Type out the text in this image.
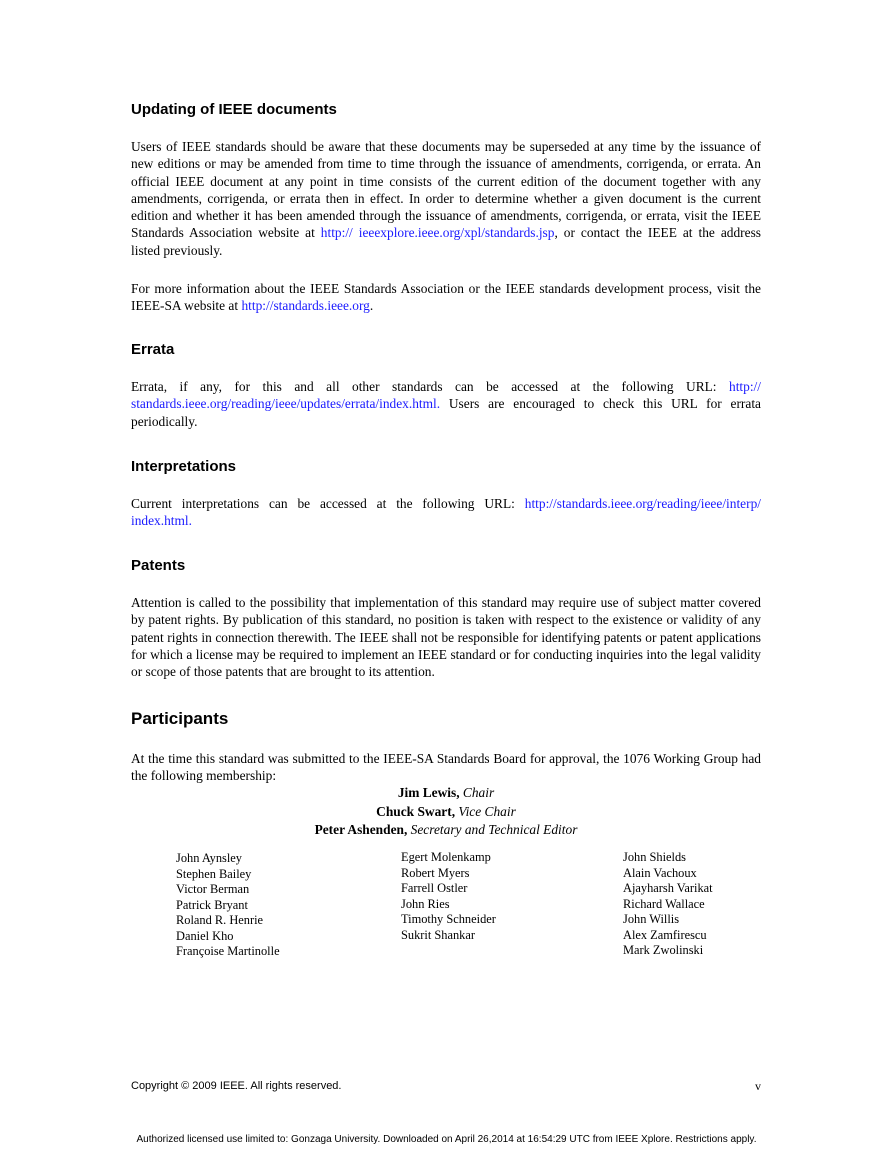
Updating of IEEE documents

Users of IEEE standards should be aware that these documents may be superseded at any time by the issuance of new editions or may be amended from time to time through the issuance of amendments, corrigenda, or errata. An official IEEE document at any point in time consists of the current edition of the document together with any amendments, corrigenda, or errata then in effect. In order to determine whether a given document is the current edition and whether it has been amended through the issuance of amendments, corrigenda, or errata, visit the IEEE Standards Association website at http:// ieeexplore.ieee.org/xpl/standards.jsp, or contact the IEEE at the address listed previously.

For more information about the IEEE Standards Association or the IEEE standards development process, visit the IEEE-SA website at http://standards.ieee.org.

Errata

Errata, if any, for this and all other standards can be accessed at the following URL: http:// standards.ieee.org/reading/ieee/updates/errata/index.html. Users are encouraged to check this URL for errata periodically.

Interpretations

Current interpretations can be accessed at the following URL: http://standards.ieee.org/reading/ieee/interp/ index.html.

Patents

Attention is called to the possibility that implementation of this standard may require use of subject matter covered by patent rights. By publication of this standard, no position is taken with respect to the existence or validity of any patent rights in connection therewith. The IEEE shall not be responsible for identifying patents or patent applications for which a license may be required to implement an IEEE standard or for conducting inquiries into the legal validity or scope of those patents that are brought to its attention.

Participants

At the time this standard was submitted to the IEEE-SA Standards Board for approval, the 1076 Working Group had the following membership:

Jim Lewis, Chair
Chuck Swart, Vice Chair
Peter Ashenden, Secretary and Technical Editor
John Aynsley
Stephen Bailey
Victor Berman
Patrick Bryant
Roland R. Henrie
Daniel Kho
Françoise Martinolle
Egert Molenkamp
Robert Myers
Farrell Ostler
John Ries
Timothy Schneider
Sukrit Shankar
John Shields
Alain Vachoux
Ajayharsh Varikat
Richard Wallace
John Willis
Alex Zamfirescu
Mark Zwolinski
Copyright © 2009 IEEE. All rights reserved.	v
Authorized licensed use limited to: Gonzaga University. Downloaded on April 26,2014 at 16:54:29 UTC from IEEE Xplore. Restrictions apply.
